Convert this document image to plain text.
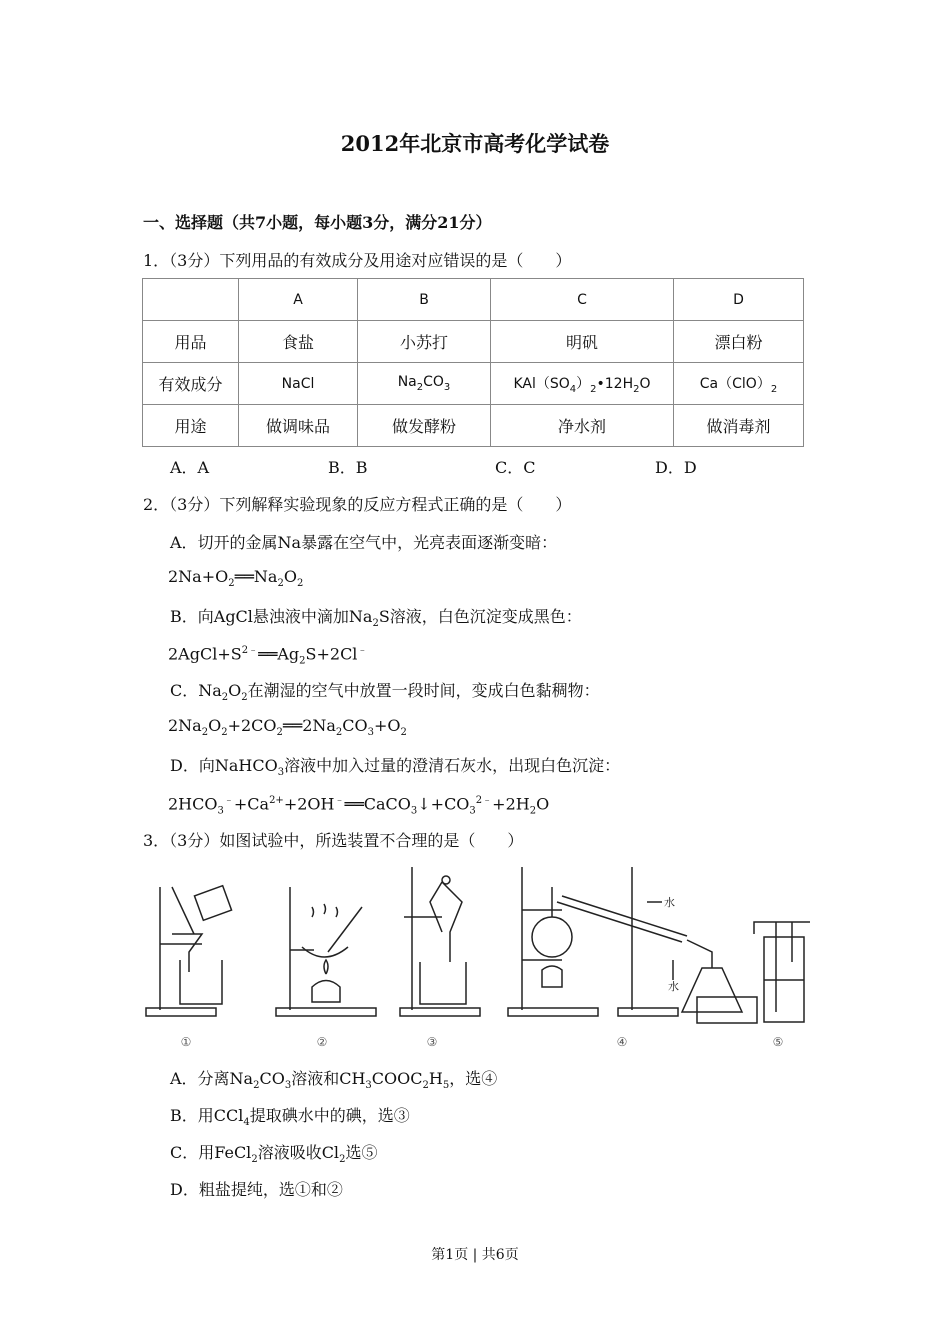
2012年北京市高考化学试卷
一、选择题（共7小题，每小题3分，满分21分）
1．（3分）下列用品的有效成分及用途对应错误的是（　　）
	A	B	C	D
用品	食盐	小苏打	明矾	漂白粉
有效成分	NaCl	$Na_2CO_3$	$KAl(SO_4)_2•12H_2O$	$Ca(ClO)_2$
用途	做调味品	做发酵粉	净水剂	做消毒剂
A．A	B．B	C．C	D．D
2．（3分）下列解释实验现象的反应方程式正确的是（　　）
A．切开的金属Na暴露在空气中，光亮表面逐渐变暗：
$2Na+O_2══Na_2O_2$
B．向AgCl悬浊液中滴加$Na_2S$溶液，白色沉淀变成黑色：
$2AgCl+S^{2﹣}══Ag_2S+2Cl^﹣$
C．$Na_2O_2$在潮湿的空气中放置一段时间，变成白色黏稠物：
$2Na_2O_2+2CO_2══2Na_2CO_3+O_2$
D．向NaHCO$_3$溶液中加入过量的澄清石灰水，出现白色沉淀：
$2HCO_3^﹣+Ca^{2+}+2OH^﹣══CaCO_3↓+CO_3^{2﹣}+2H_2O$
3．（3分）如图试验中，所选装置不合理的是（　　）
①	②	③	④	⑤
水
水
A．分离$Na_2CO_3$溶液和$CH_3COOC_2H_5$，选④
B．用CCl$_4$提取碘水中的碘，选③
C．用FeCl$_2$溶液吸收$Cl_2$选⑤
D．粗盐提纯，选①和②
第1页 | 共6页
